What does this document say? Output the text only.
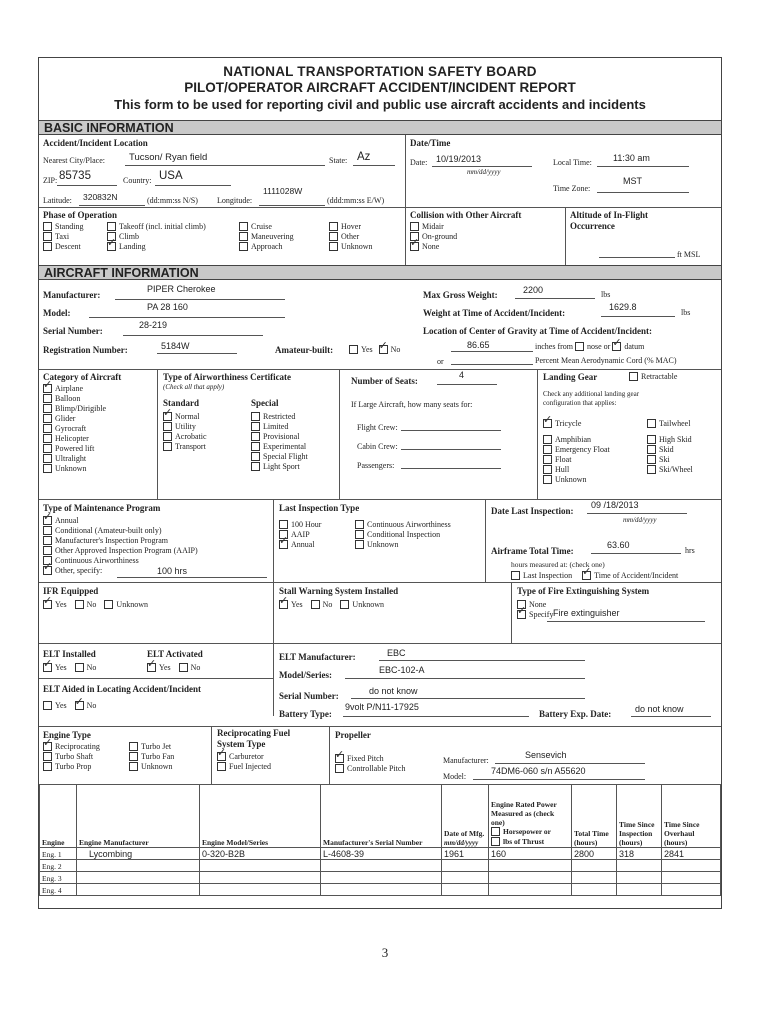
NATIONAL TRANSPORTATION SAFETY BOARD
PILOT/OPERATOR AIRCRAFT ACCIDENT/INCIDENT REPORT
This form to be used for reporting civil and public use aircraft accidents and incidents
BASIC INFORMATION
Accident/Incident Location
Nearest City/Place:	Tucson/ Ryan field	State: Az
ZIP: 85735	Country: USA
Latitude: 320832N	(dd:mm:ss N/S) Longitude:
1111028W
(ddd:mm:ss E/W)
Date/Time
Date: 10/19/2013
mm/dd/yyyy
Local Time: 11:30 am
Time Zone:
MST
Phase of Operation
Standing
Taxi
Descent
Takeoff (incl. initial climb)
Climb
✓Landing
Cruise
Maneuvering
Approach
Hover
Other
Unknown
Collision with Other Aircraft
Midair
On-ground
✓None
Altitude of In-Flight
Occurrence
ft MSL
AIRCRAFT INFORMATION
Manufacturer:
PIPER Cherokee
Model:
PA 28 160
Serial Number:
28-219
Registration Number:	5184W	Amateur-built:	Yes ✓ No
Max Gross Weight:	2200	lbs
Weight at Time of Accident/Incident:
1629.8
lbs
Location of Center of Gravity at Time of Accident/Incident:
86.65	inches from nose or ✓ datum
or	Percent Mean Aerodynamic Cord (% MAC)
Category of Aircraft
✓Airplane
Balloon
Blimp/Dirigible
Glider
Gyrocraft
Helicopter
Powered lift
Ultralight
Unknown
Type of Airworthiness Certificate
(Check all that apply)
Standard
✓Normal
Utility
Acrobatic
Transport
Special
Restricted
Limited
Provisional
Experimental
Special Flight
Light Sport
Number of Seats:
4
If Large Aircraft, how many seats for:
Flight Crew:
Cabin Crew:
Passengers:
Landing Gear	Retractable
Check any additional landing gear
configuration that applies:
✓Tricycle
Amphibian
Emergency Float
Float
Hull
Unknown
Tailwheel
High Skid
Skid
Ski
Ski/Wheel
Type of Maintenance Program
✓Annual
Conditional (Amateur-built only)
Manufacturer's Inspection Program
Other Approved Inspection Program (AAIP)
Continuous Airworthiness
✓Other, specify:	100 hrs
Last Inspection Type
100 Hour
AAIP
✓Annual
Continuous Airworthiness
Conditional Inspection
Unknown
Date Last Inspection:
09 /18/2013
mm/dd/yyyy
Airframe Total Time:
63.60
hrs
hours measured at: (check one)
Last Inspection ✓	Time of Accident/Incident
IFR Equipped
✓Yes	No	Unknown
Stall Warning System Installed
✓Yes	No	Unknown
Type of Fire Extinguishing System
None
✓Specify Fire extinguisher
ELT Installed
✓Yes	No
ELT Activated
✓Yes	No
ELT Aided in Locating Accident/Incident
Yes ✓	No
ELT Manufacturer:	EBC
Model/Series:	EBC-102-A
Serial Number:	do not know
Battery Type:
9volt P/N11-17925
Battery Exp. Date:	do not know
Engine Type
✓Reciprocating
Turbo Shaft
Turbo Prop
Turbo Jet
Turbo Fan
Unknown
Reciprocating Fuel
System Type
✓Carburetor
Fuel Injected
Propeller
✓Fixed Pitch
Controllable Pitch
Manufacturer:
Sensevich
Model:
74DM6-060 s/n A55620
Engine	Engine Manufacturer	Engine Model/Series	Manufacturer's Serial Number	Date of Mfg.
mm/dd/yyyy	Engine Rated Power Measured as (check one)
Horsepower or
lbs of Thrust	Total Time (hours)	Time Since Inspection (hours)	Time Since Overhaul (hours)
Eng. 1	Lycombing	0-320-B2B	L-4608-39	1961	160	2800	318	2841
Eng. 2								
Eng. 3								
Eng. 4								
3
